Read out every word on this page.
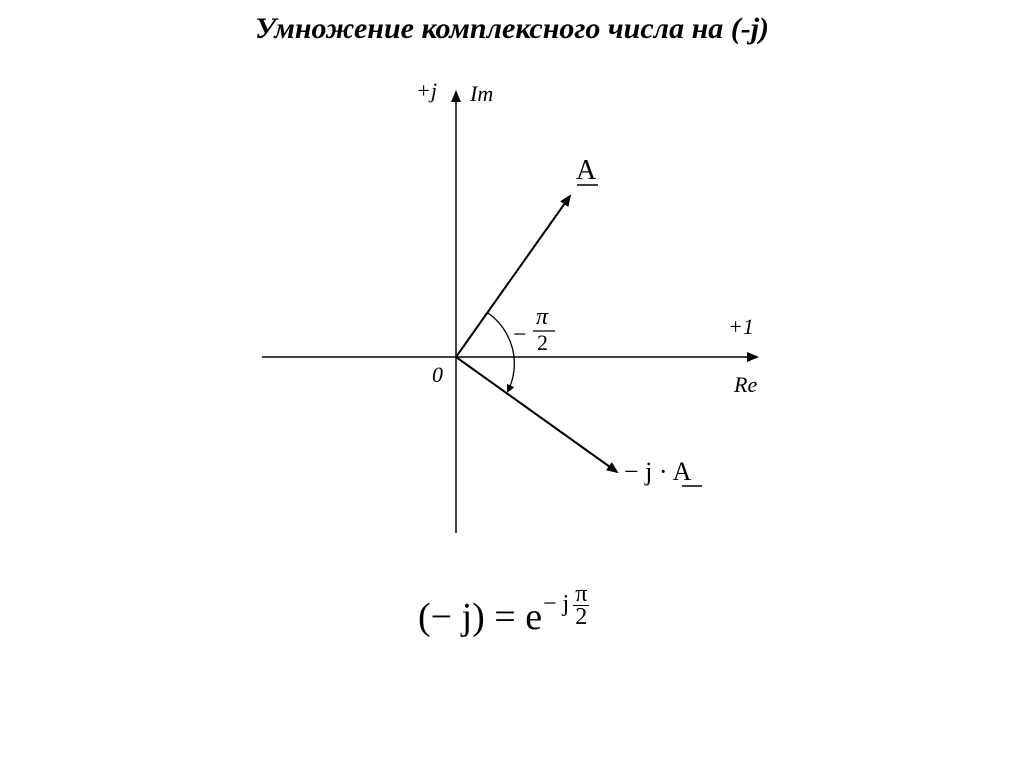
Умножение комплексного числа на (-j)
+j Im
+1
Re
0
A
− j · A
−
π
2
(− j) = e − j $\frac{\pi}{2}$
